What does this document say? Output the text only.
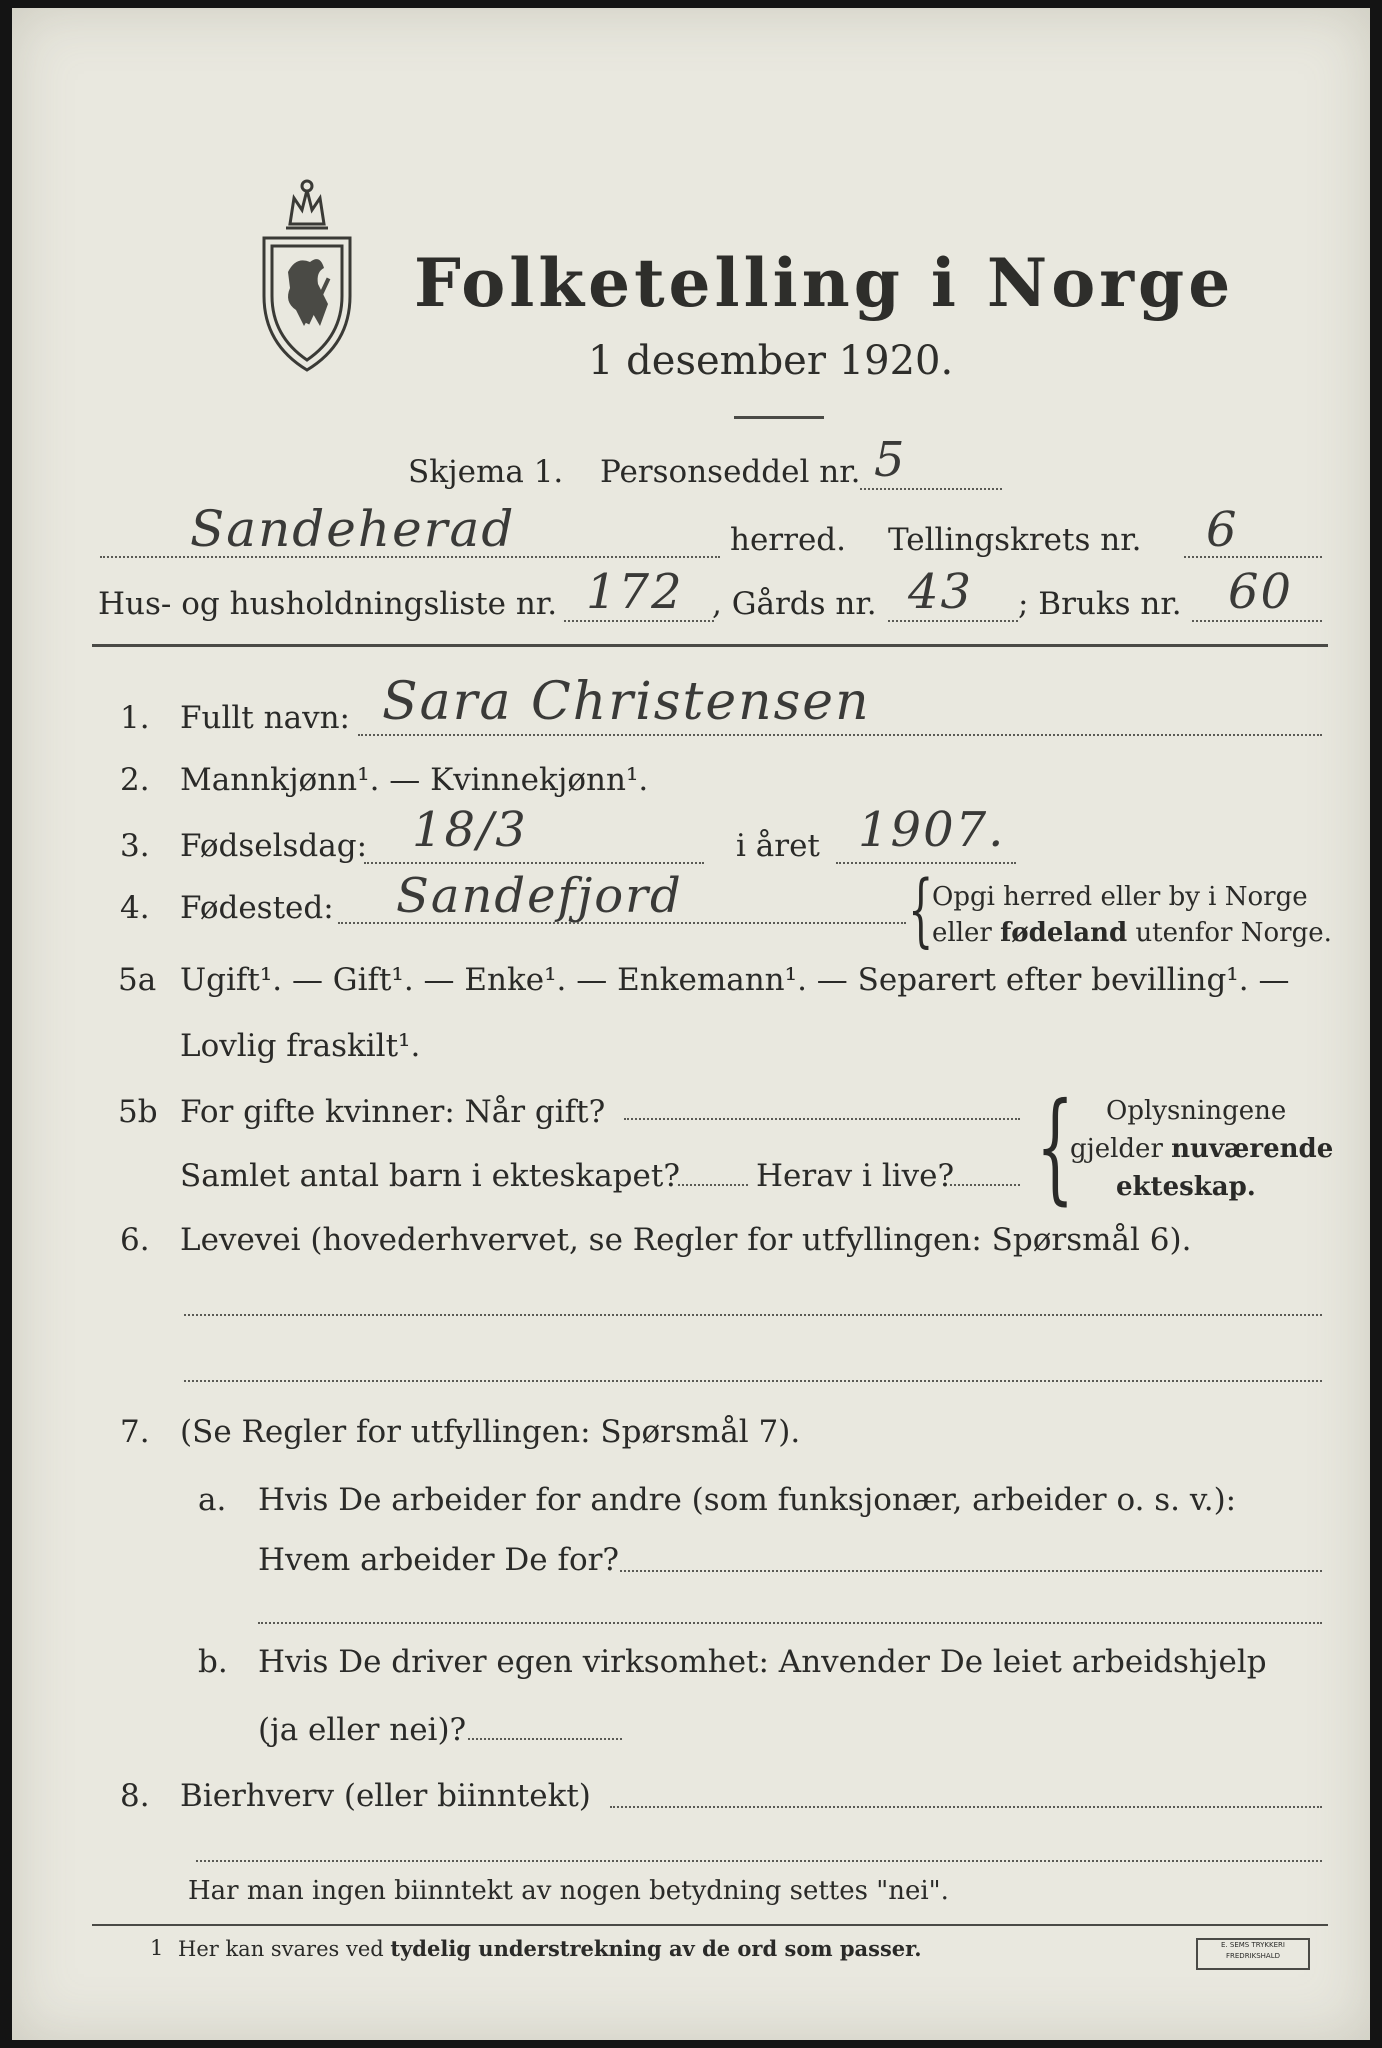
Folketelling i Norge
1 desember 1920.
Skjema 1. Personseddel nr. 5
Sandeherad	herred. Tellingskrets nr. 6
Hus- og husholdningsliste nr. 172 , Gårds nr. 43 ; Bruks nr. 60
1. Fullt navn: Sara Christensen
2. Mannkjønn¹. — Kvinnekjønn¹.
3. Fødselsdag: 18/3	i året 1907.
4. Fødested: Sandefjord	{
Opgi herred eller by i Norge
eller fødeland utenfor Norge.
5a Ugift¹. — Gift¹. — Enke¹. — Enkemann¹. — Separert efter bevilling¹. —
Lovlig fraskilt¹.
5b For gifte kvinner: Når gift?
Samlet antal barn i ekteskapet? Herav i live? { Oplysningene
gjelder nuværende
ekteskap.
6. Levevei (hovederhvervet, se Regler for utfyllingen: Spørsmål 6).
7. (Se Regler for utfyllingen: Spørsmål 7).
a. Hvis De arbeider for andre (som funksjonær, arbeider o. s. v.):
Hvem arbeider De for?
b. Hvis De driver egen virksomhet: Anvender De leiet arbeidshjelp
(ja eller nei)?
8. Bierhverv (eller biinntekt)
Har man ingen biinntekt av nogen betydning settes "nei".
1 Her kan svares ved tydelig understrekning av de ord som passer.	E. SEMS TRYKKERI
FREDRIKSHALD
